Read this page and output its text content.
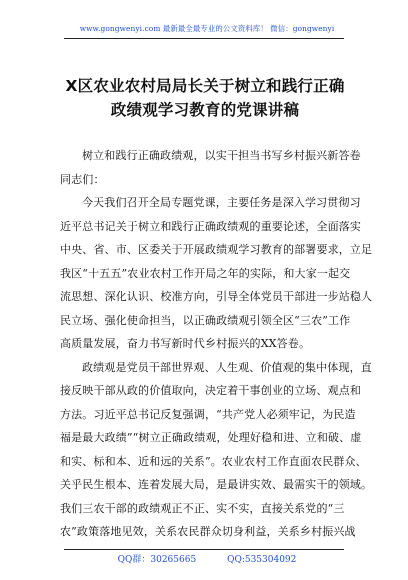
www.gongwenyi.com 最新最全最专业的公文资料库！ 微信：gongwenyi
X区农业农村局局长关于树立和践行正确
政绩观学习教育的党课讲稿

树立和践行正确政绩观，以实干担当书写乡村振兴新答卷
同志们：

今天我们召开全局专题党课，主要任务是深入学习贯彻习
近平总书记关于树立和践行正确政绩观的重要论述，全面落实
中央、省、市、区委关于开展政绩观学习教育的部署要求，立足
我区“十五五”农业农村工作开局之年的实际，和大家一起交
流思想、深化认识、校准方向，引导全体党员干部进一步站稳人
民立场、强化使命担当，以正确政绩观引领全区“三农”工作
高质量发展，奋力书写新时代乡村振兴的XX答卷。

政绩观是党员干部世界观、人生观、价值观的集中体现，直
接反映干部从政的价值取向，决定着干事创业的立场、观点和
方法。习近平总书记反复强调，“共产党人必须牢记，为民造
福是最大政绩”“树立正确政绩观，处理好稳和进、立和破、虚
和实、标和本、近和远的关系”。农业农村工作直面农民群众、
关乎民生根本、连着发展大局，是最讲实效、最需实干的领域。
我们三农干部的政绩观正不正、实不实，直接关系党的“三
农”政策落地见效，关系农民群众切身利益，关系乡村振兴战

QQ群：30265665	QQ:535304092
